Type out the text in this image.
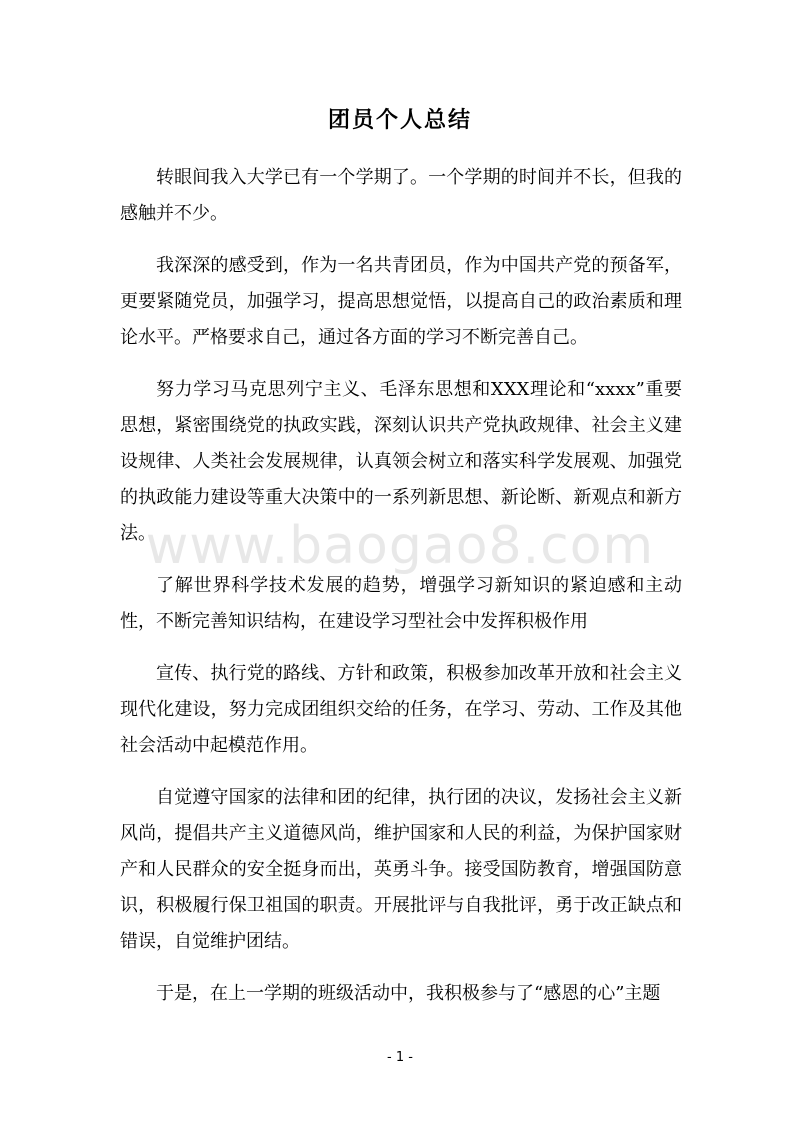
团员个人总结

转眼间我入大学已有一个学期了。一个学期的时间并不长，但我的感触并不少。

我深深的感受到，作为一名共青团员，作为中国共产党的预备军，更要紧随党员，加强学习，提高思想觉悟，以提高自己的政治素质和理论水平。严格要求自己，通过各方面的学习不断完善自己。

努力学习马克思列宁主义、毛泽东思想和XXX理论和“xxxx”重要思想，紧密围绕党的执政实践，深刻认识共产党执政规律、社会主义建设规律、人类社会发展规律，认真领会树立和落实科学发展观、加强党的执政能力建设等重大决策中的一系列新思想、新论断、新观点和新方法。

了解世界科学技术发展的趋势，增强学习新知识的紧迫感和主动性，不断完善知识结构，在建设学习型社会中发挥积极作用

宣传、执行党的路线、方针和政策，积极参加改革开放和社会主义现代化建设，努力完成团组织交给的任务，在学习、劳动、工作及其他社会活动中起模范作用。

自觉遵守国家的法律和团的纪律，执行团的决议，发扬社会主义新风尚，提倡共产主义道德风尚，维护国家和人民的利益，为保护国家财产和人民群众的安全挺身而出，英勇斗争。接受国防教育，增强国防意识，积极履行保卫祖国的职责。开展批评与自我批评，勇于改正缺点和错误，自觉维护团结。

于是，在上一学期的班级活动中，我积极参与了“感恩的心”主题

www.baogao8.com
- 1 -
